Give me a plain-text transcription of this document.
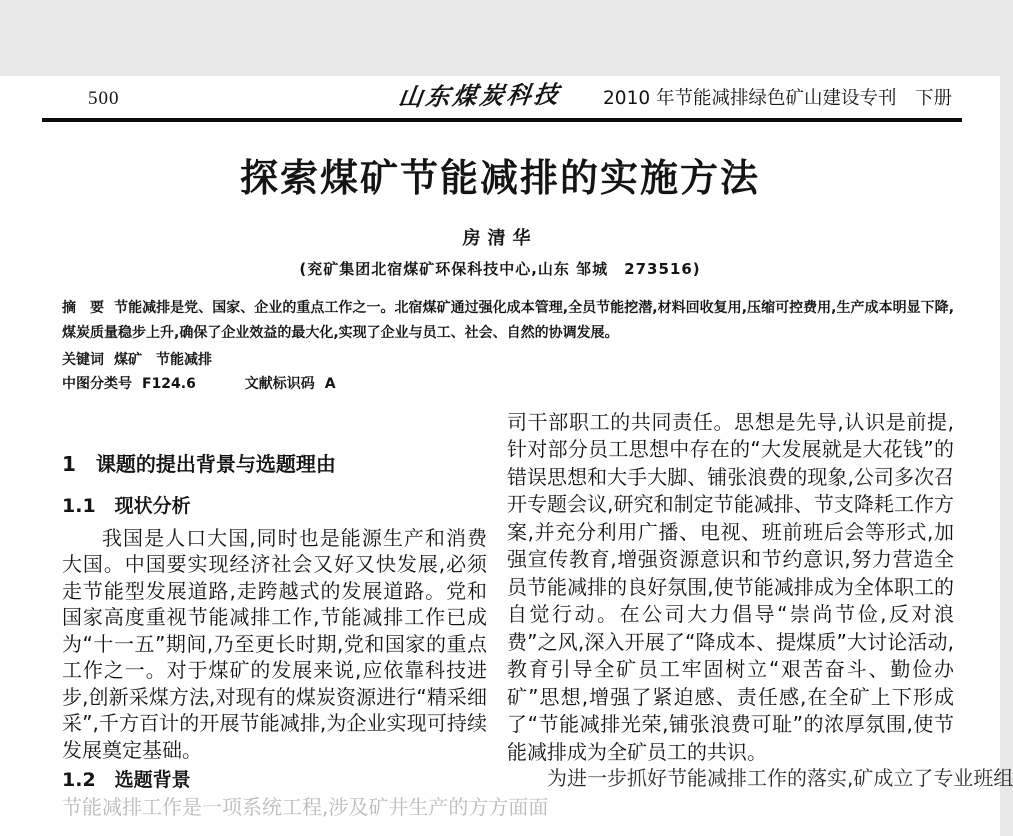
500	山东煤炭科技 2010 年节能减排绿色矿山建设专刊　下册
探索煤矿节能减排的实施方法
房清华
(兖矿集团北宿煤矿环保科技中心,山东 邹城　273516)
摘　要 节能减排是党、国家、企业的重点工作之一。北宿煤矿通过强化成本管理,全员节能挖潜,材料回收复用,压缩可控费用,生产成本明显下降,煤炭质量稳步上升,确保了企业效益的最大化,实现了企业与员工、社会、自然的协调发展。
关键词 煤矿　节能减排
中图分类号 F124.6	文献标识码 A
1　课题的提出背景与选题理由
1.1　现状分析
我国是人口大国,同时也是能源生产和消费大国。中国要实现经济社会又好又快发展,必须走节能型发展道路,走跨越式的发展道路。党和国家高度重视节能减排工作,节能减排工作已成为“十一五”期间,乃至更长时期,党和国家的重点工作之一。对于煤矿的发展来说,应依靠科技进步,创新采煤方法,对现有的煤炭资源进行“精采细采”,千方百计的开展节能减排,为企业实现可持续发展奠定基础。
1.2　选题背景
节能减排工作是一项系统工程,涉及矿井生产的方方面面
司干部职工的共同责任。思想是先导,认识是前提,针对部分员工思想中存在的“大发展就是大花钱”的错误思想和大手大脚、铺张浪费的现象,公司多次召开专题会议,研究和制定节能减排、节支降耗工作方案,并充分利用广播、电视、班前班后会等形式,加强宣传教育,增强资源意识和节约意识,努力营造全员节能减排的良好氛围,使节能减排成为全体职工的自觉行动。在公司大力倡导“崇尚节俭,反对浪费”之风,深入开展了“降成本、提煤质”大讨论活动,教育引导全矿员工牢固树立“艰苦奋斗、勤俭办矿”思想,增强了紧迫感、责任感,在全矿上下形成了“节能减排光荣,铺张浪费可耻”的浓厚氛围,使节能减排成为全矿员工的共识。
为进一步抓好节能减排工作的落实,矿成立了专业班组
